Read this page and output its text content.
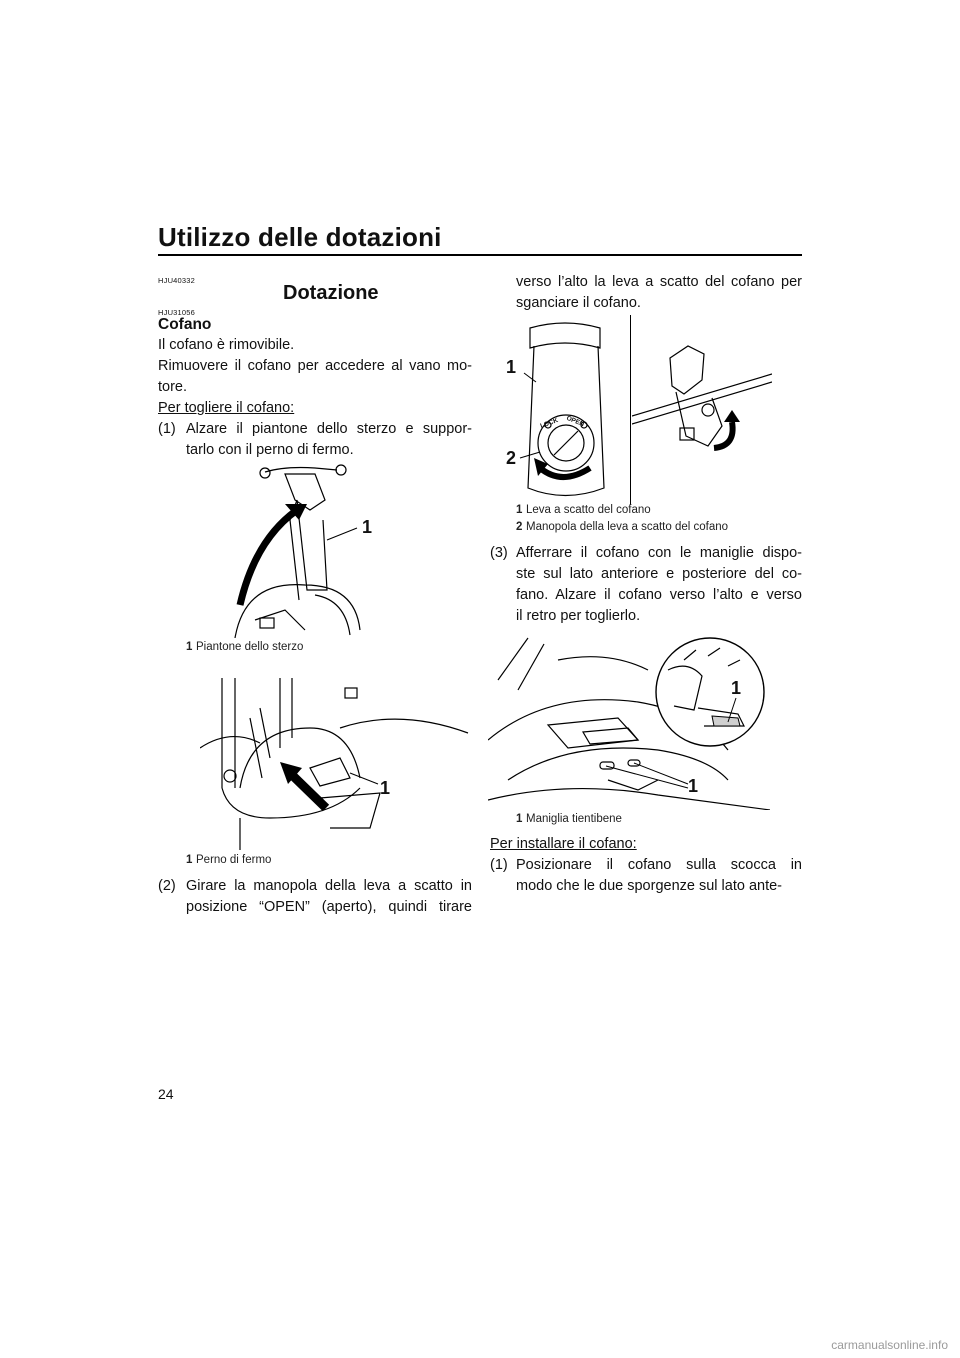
Utilizzo delle dotazioni
HJU40332
Dotazione
HJU31056
Cofano
Il cofano è rimovibile.
Rimuovere il cofano per accedere al vano mo-
tore.
Per togliere il cofano:
(1) Alzare il piantone dello sterzo e suppor-
tarlo con il perno di fermo.
1
1 Piantone dello sterzo
1
1 Perno di fermo
(2) Girare la manopola della leva a scatto in
posizione “OPEN” (aperto), quindi tirare
verso l’alto la leva a scatto del cofano per
sganciare il cofano.
LOCK OPEN
1
2
1 Leva a scatto del cofano
2 Manopola della leva a scatto del cofano
(3) Afferrare il cofano con le maniglie dispo-
ste sul lato anteriore e posteriore del co-
fano. Alzare il cofano verso l’alto e verso
il retro per toglierlo.
1
1
1 Maniglia tientibene
Per installare il cofano:
(1) Posizionare il cofano sulla scocca in
modo che le due sporgenze sul lato ante-
24
carmanualsonline.info
